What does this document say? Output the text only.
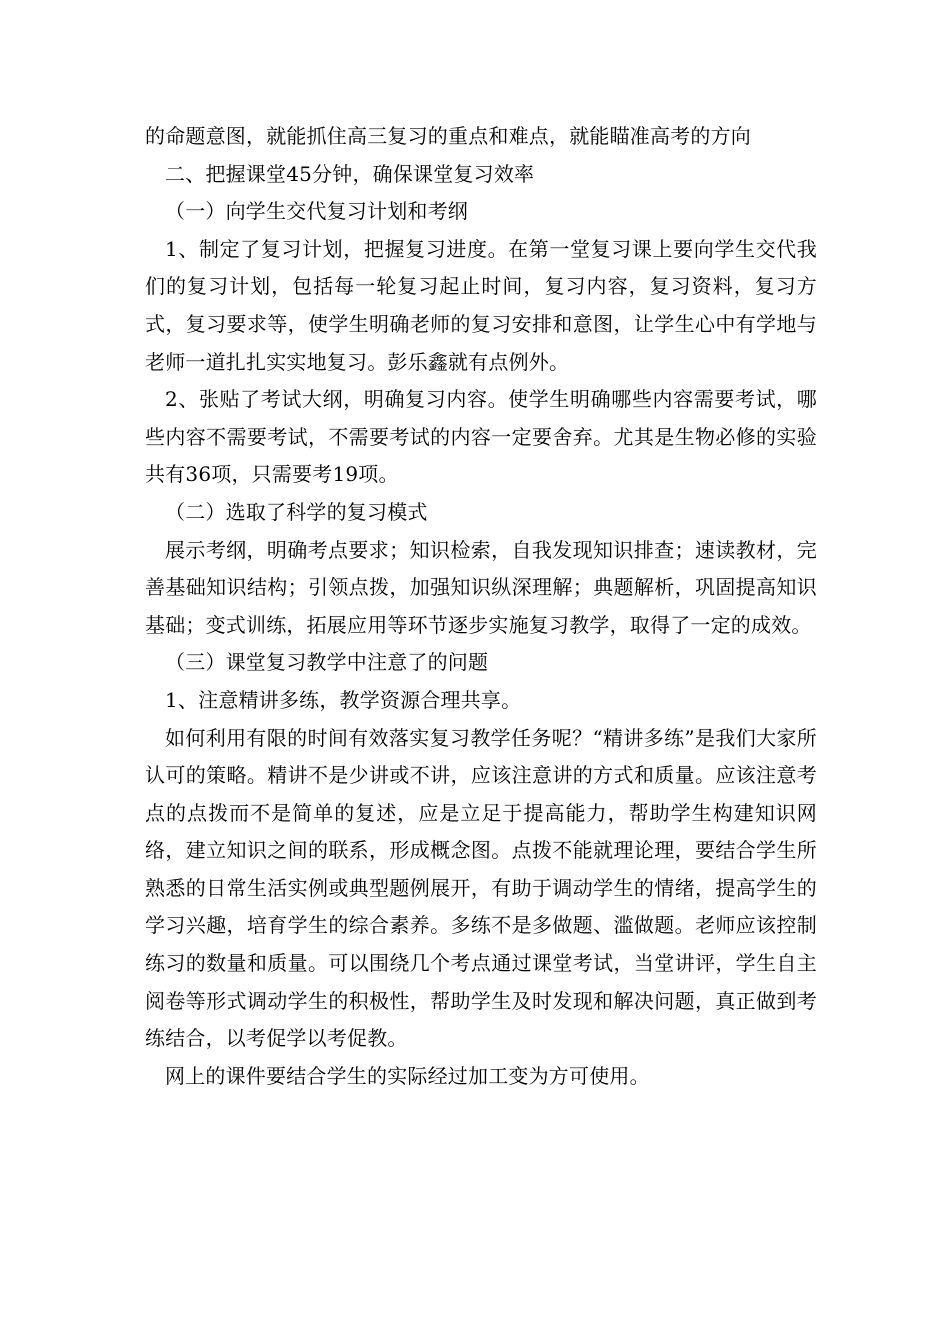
的命题意图，就能抓住高三复习的重点和难点，就能瞄准高考的方向

二、把握课堂45分钟，确保课堂复习效率

（一）向学生交代复习计划和考纲

1、制定了复习计划，把握复习进度。在第一堂复习课上要向学生交代我们的复习计划，包括每一轮复习起止时间，复习内容，复习资料，复习方式，复习要求等，使学生明确老师的复习安排和意图，让学生心中有学地与老师一道扎扎实实地复习。彭乐鑫就有点例外。

2、张贴了考试大纲，明确复习内容。使学生明确哪些内容需要考试，哪些内容不需要考试，不需要考试的内容一定要舍弃。尤其是生物必修的实验共有36项，只需要考19项。

（二）选取了科学的复习模式

展示考纲，明确考点要求；知识检索，自我发现知识排查；速读教材，完善基础知识结构；引领点拨，加强知识纵深理解；典题解析，巩固提高知识基础；变式训练，拓展应用等环节逐步实施复习教学，取得了一定的成效。

（三）课堂复习教学中注意了的问题

1、注意精讲多练，教学资源合理共享。

如何利用有限的时间有效落实复习教学任务呢？“精讲多练”是我们大家所认可的策略。精讲不是少讲或不讲，应该注意讲的方式和质量。应该注意考点的点拨而不是简单的复述，应是立足于提高能力，帮助学生构建知识网络，建立知识之间的联系，形成概念图。点拨不能就理论理，要结合学生所熟悉的日常生活实例或典型题例展开，有助于调动学生的情绪，提高学生的学习兴趣，培育学生的综合素养。多练不是多做题、滥做题。老师应该控制练习的数量和质量。可以围绕几个考点通过课堂考试，当堂讲评，学生自主阅卷等形式调动学生的积极性，帮助学生及时发现和解决问题，真正做到考练结合，以考促学以考促教。

网上的课件要结合学生的实际经过加工变为方可使用。
